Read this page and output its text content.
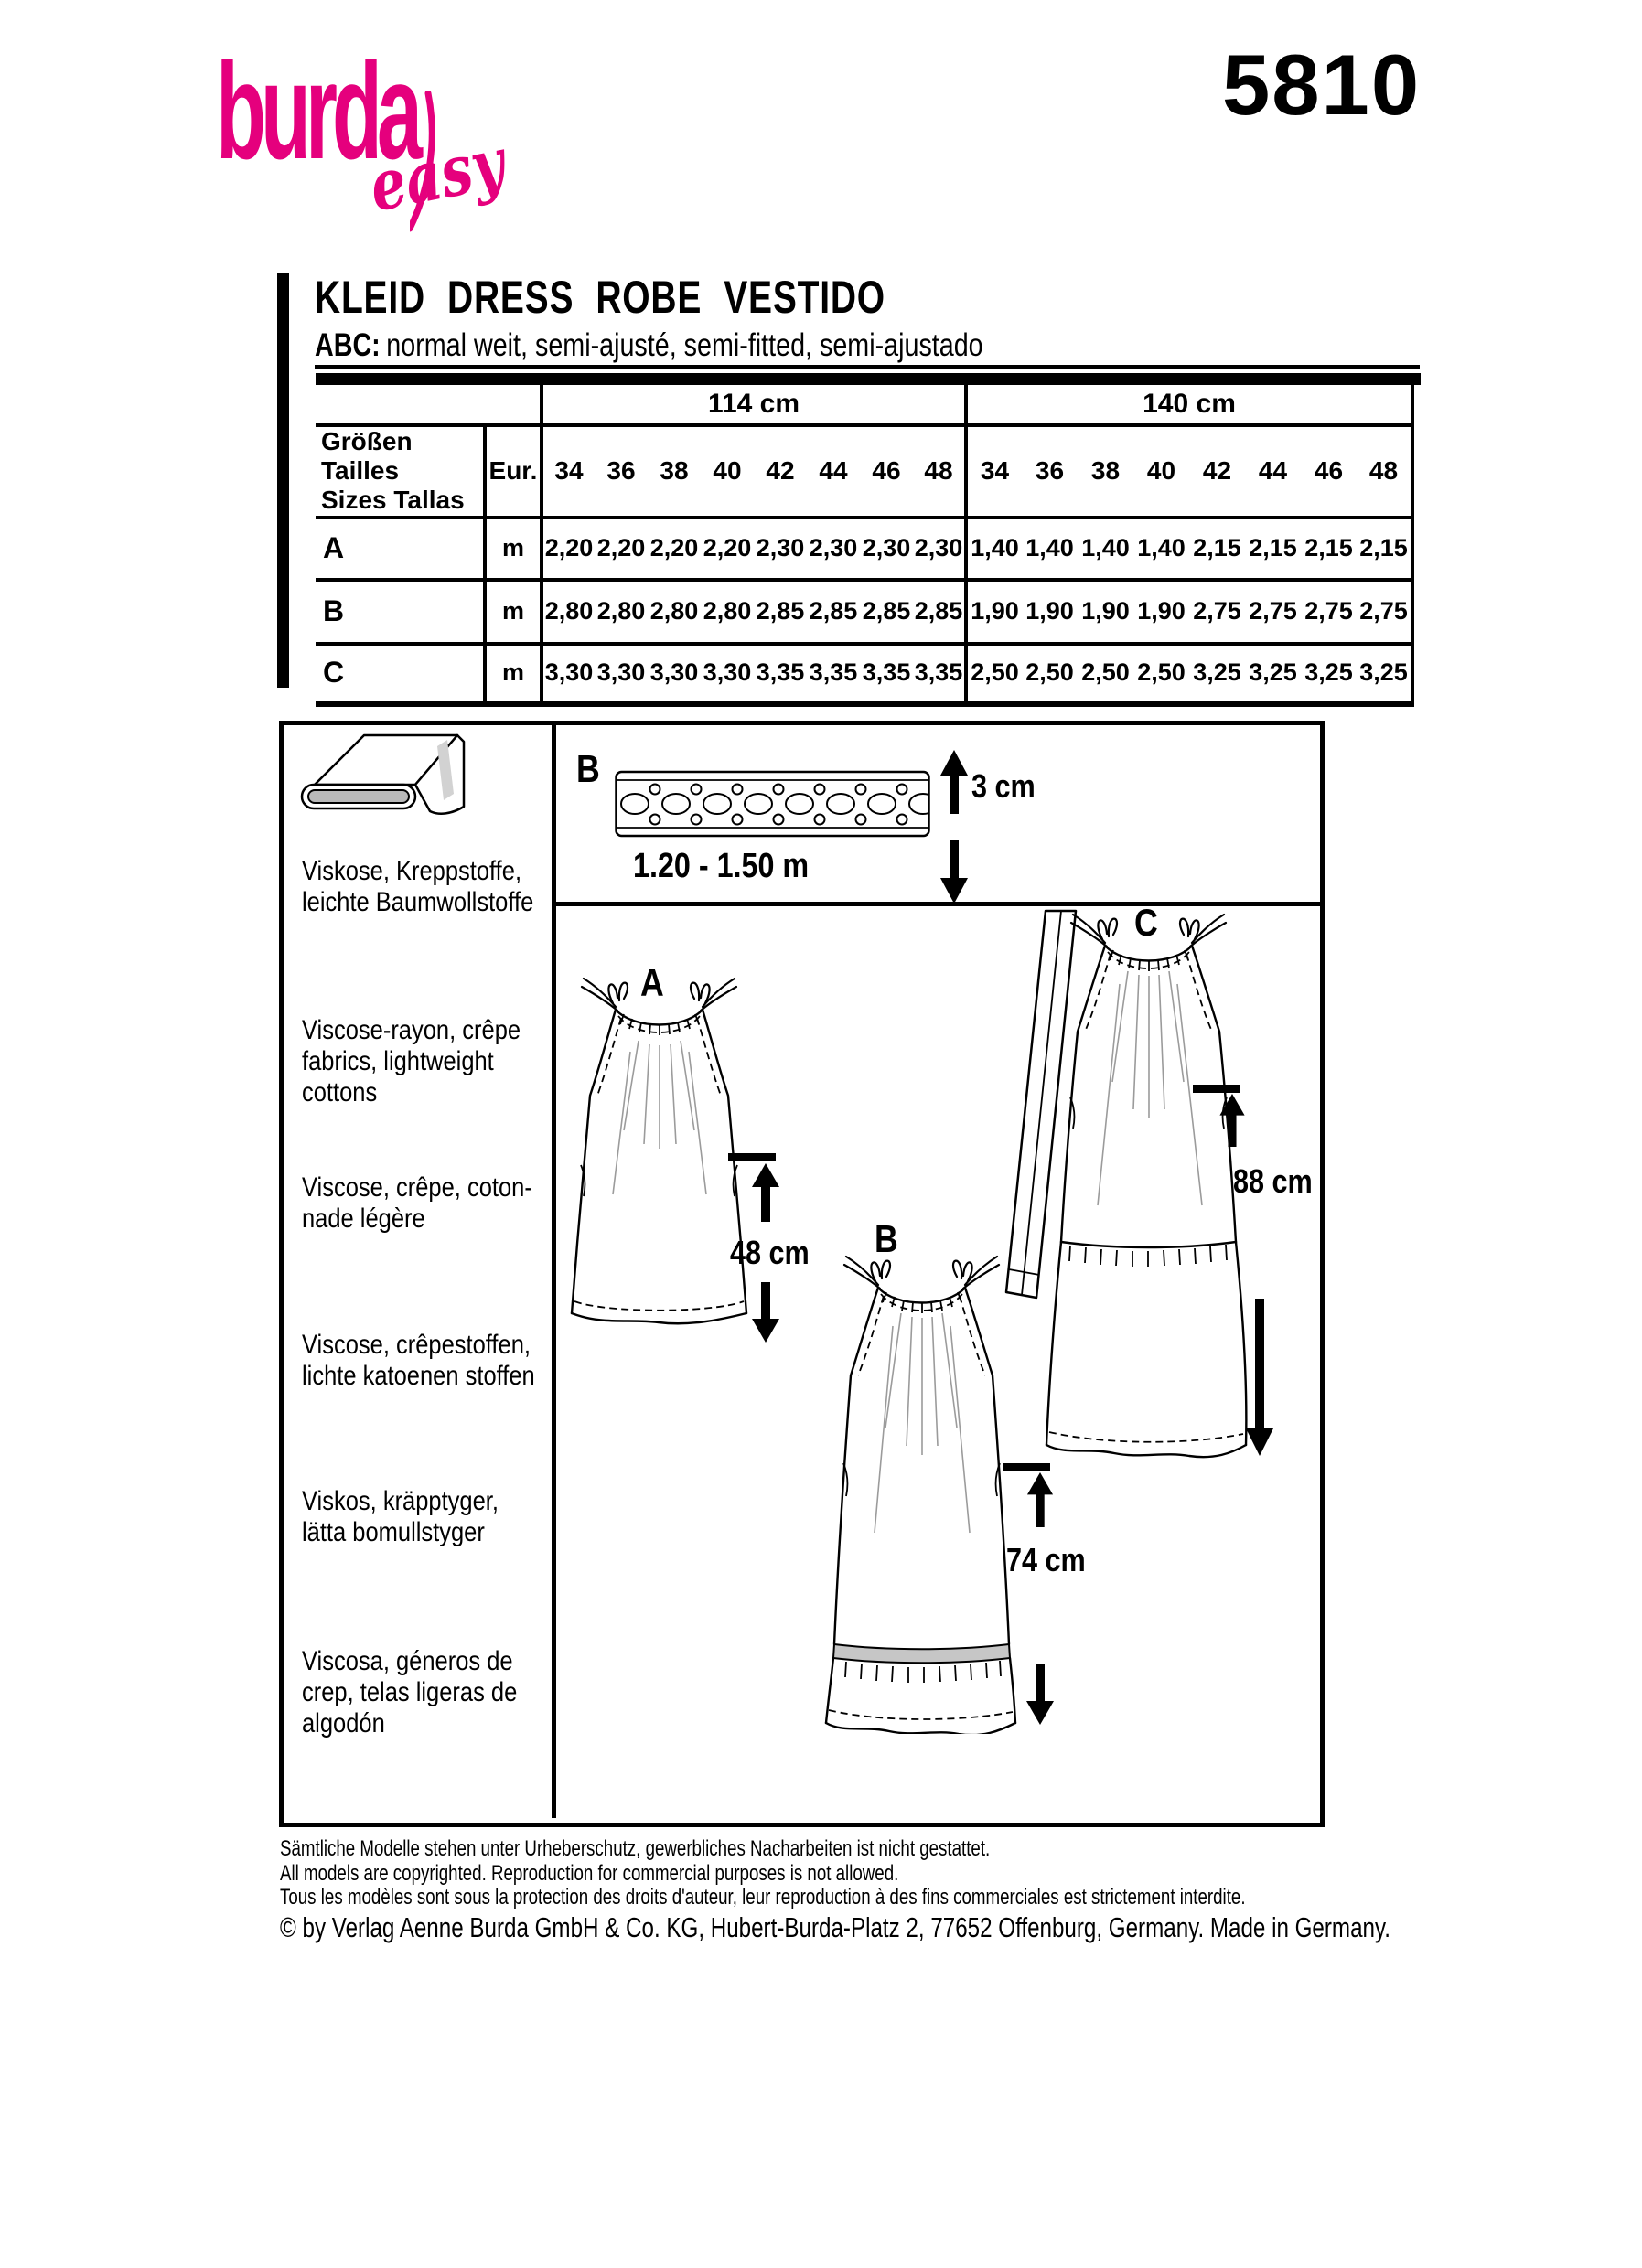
burda
easy
5810
KLEID DRESS ROBE VESTIDO
ABC: normal weit, semi-ajusté, semi-fitted, semi-ajustado
		114 cm								140 cm							

Größen Tailles
Sizes Tallas	Eur.	34	36	38	40	42	44	46	48	34	36	38	40	42	44	46	48
A	m	2,20	2,20	2,20	2,20	2,30	2,30	2,30	2,30	1,40	1,40	1,40	1,40	2,15	2,15	2,15	2,15
B	m	2,80	2,80	2,80	2,80	2,85	2,85	2,85	2,85	1,90	1,90	1,90	1,90	2,75	2,75	2,75	2,75
C	m	3,30	3,30	3,30	3,30	3,35	3,35	3,35	3,35	2,50	2,50	2,50	2,50	3,25	3,25	3,25	3,25
Viskose, Kreppstoffe,
leichte Baumwollstoffe
Viscose-rayon, crêpe
fabrics, lightweight
cottons
Viscose, crêpe, coton-
nade légère
Viscose, crêpestoffen,
lichte katoenen stoffen
Viskos, kräpptyger,
lätta bomullstyger
Viscosa, géneros de
crep, telas ligeras de
algodón
B	3 cm
1.20 - 1.50 m
A
48 cm B
74 cm
C
88 cm
Sämtliche Modelle stehen unter Urheberschutz, gewerbliches Nacharbeiten ist nicht gestattet.
All models are copyrighted. Reproduction for commercial purposes is not allowed.
Tous les modèles sont sous la protection des droits d'auteur, leur reproduction à des fins commerciales est strictement interdite.
© by Verlag Aenne Burda GmbH & Co. KG, Hubert-Burda-Platz 2, 77652 Offenburg, Germany. Made in Germany.
